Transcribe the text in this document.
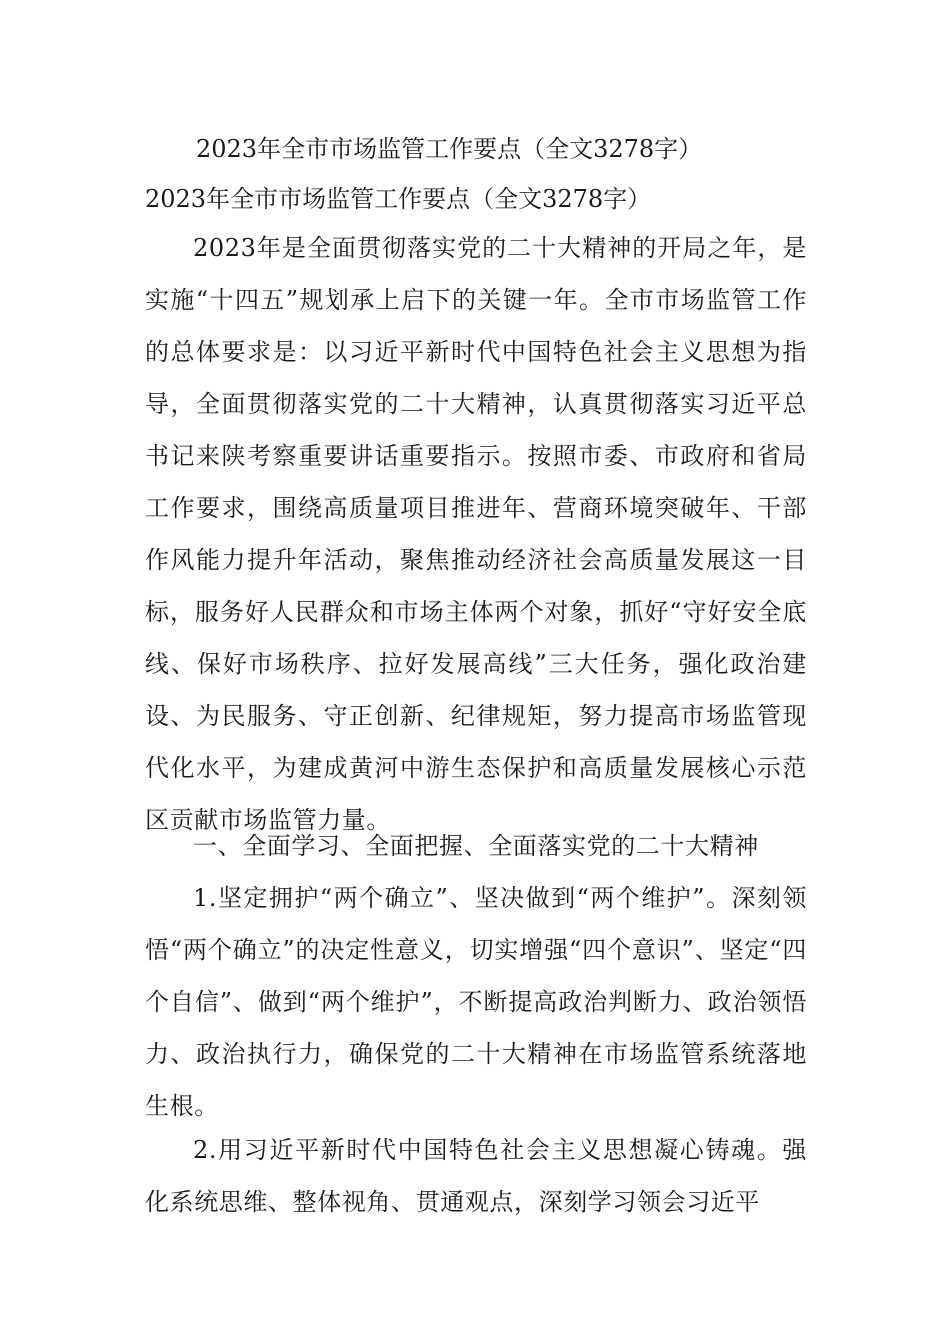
2023年全市市场监管工作要点（全文3278字）
2023年全市市场监管工作要点（全文3278字）

2023年是全面贯彻落实党的二十大精神的开局之年，是实施“十四五”规划承上启下的关键一年。全市市场监管工作的总体要求是：以习近平新时代中国特色社会主义思想为指导，全面贯彻落实党的二十大精神，认真贯彻落实习近平总书记来陕考察重要讲话重要指示。按照市委、市政府和省局工作要求，围绕高质量项目推进年、营商环境突破年、干部作风能力提升年活动，聚焦推动经济社会高质量发展这一目标，服务好人民群众和市场主体两个对象，抓好“守好安全底线、保好市场秩序、拉好发展高线”三大任务，强化政治建设、为民服务、守正创新、纪律规矩，努力提高市场监管现代化水平，为建成黄河中游生态保护和高质量发展核心示范区贡献市场监管力量。

一、全面学习、全面把握、全面落实党的二十大精神

1.坚定拥护“两个确立”、坚决做到“两个维护”。深刻领悟“两个确立”的决定性意义，切实增强“四个意识”、坚定“四个自信”、做到“两个维护”，不断提高政治判断力、政治领悟力、政治执行力，确保党的二十大精神在市场监管系统落地生根。

2.用习近平新时代中国特色社会主义思想凝心铸魂。强化系统思维、整体视角、贯通观点，深刻学习领会习近平
